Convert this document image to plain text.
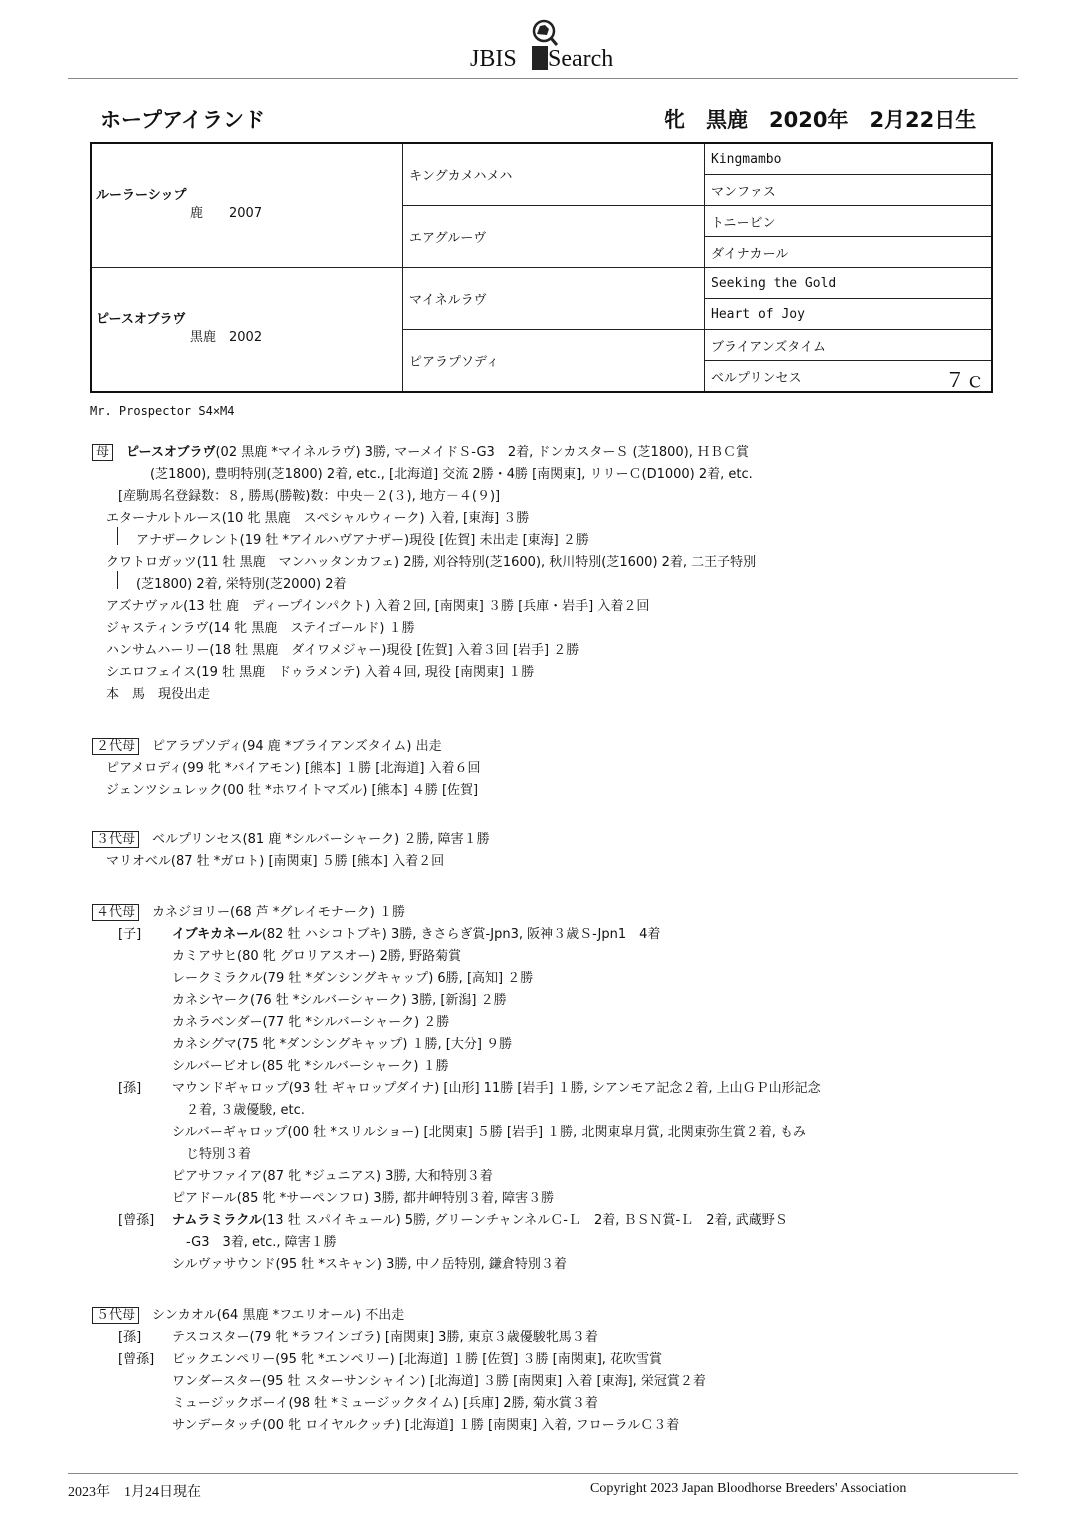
JBIS Search
ホープアイランド	牝　黒鹿　2020年　2月22日生
ルーラーシップ
鹿　　2007	キングカメハメハ	Kingmambo
		マンファス
	エアグルーヴ	トニービン
		ダイナカール

ピースオブラヴ
黒鹿　2002	マイネルラヴ	Seeking the Gold
		Heart of Joy
	ピアラプソディ	ブライアンズタイム
		ベルプリンセス ７ｃ
Mr. Prospector S4×M4
母　 ピースオブラヴ(02 黒鹿 *マイネルラヴ) 3勝, マーメイドＳ-G3　2着, ドンカスターＳ (芝1800), ＨＢＣ賞
(芝1800), 豊明特別(芝1800) 2着, etc., [北海道] 交流 2勝・4勝 [南関東], リリーＣ(D1000) 2着, etc.
[産駒馬名登録数：８, 勝馬(勝鞍)数：中央－２(３), 地方－４(９)]
エターナルトルース(10 牝 黒鹿　スペシャルウィーク) 入着, [東海] ３勝
アナザークレント(19 牡 *アイルハヴアナザー)現役 [佐賀] 未出走 [東海] ２勝
クワトロガッツ(11 牡 黒鹿　マンハッタンカフェ) 2勝, 刈谷特別(芝1600), 秋川特別(芝1600) 2着, 二王子特別
(芝1800) 2着, 栄特別(芝2000) 2着
アズナヴァル(13 牡 鹿　ディープインパクト) 入着２回, [南関東] ３勝 [兵庫・岩手] 入着２回
ジャスティンラヴ(14 牝 黒鹿　ステイゴールド) １勝
ハンサムハーリー(18 牡 黒鹿　ダイワメジャー)現役 [佐賀] 入着３回 [岩手] ２勝
シエロフェイス(19 牡 黒鹿　ドゥラメンテ) 入着４回, 現役 [南関東] １勝
本　馬　現役出走
２代母　 ピアラプソディ(94 鹿 *ブライアンズタイム) 出走
ピアメロディ(99 牝 *バイアモン) [熊本] １勝 [北海道] 入着６回
ジェンツシュレック(00 牡 *ホワイトマズル) [熊本] ４勝 [佐賀]
３代母　 ベルプリンセス(81 鹿 *シルバーシャーク) ２勝, 障害１勝
マリオベル(87 牡 *ガロト) [南関東] ５勝 [熊本] 入着２回
４代母　 カネジヨリー(68 芦 *グレイモナーク) １勝
[子] イブキカネール(82 牡 ハシコトブキ) 3勝, きさらぎ賞-Jpn3, 阪神３歳Ｓ-Jpn1　4着
カミアサヒ(80 牝 グロリアスオー) 2勝, 野路菊賞
レークミラクル(79 牡 *ダンシングキャップ) 6勝, [高知] ２勝
カネシヤーク(76 牡 *シルバーシャーク) 3勝, [新潟] ２勝
カネラベンダー(77 牝 *シルバーシャーク) ２勝
カネシグマ(75 牝 *ダンシングキャップ) １勝, [大分] ９勝
シルバービオレ(85 牝 *シルバーシャーク) １勝
[孫] マウンドギャロップ(93 牡 ギャロップダイナ) [山形] 11勝 [岩手] １勝, シアンモア記念２着, 上山ＧＰ山形記念
２着, ３歳優駿, etc.
シルバーギャロップ(00 牡 *スリルショー) [北関東] ５勝 [岩手] １勝, 北関東皐月賞, 北関東弥生賞２着, もみ
じ特別３着
ピアサファイア(87 牝 *ジュニアス) 3勝, 大和特別３着
ピアドール(85 牝 *サーペンフロ) 3勝, 都井岬特別３着, 障害３勝
[曾孫] ナムラミラクル(13 牡 スパイキュール) 5勝, グリーンチャンネルＣ-Ｌ　2着, ＢＳＮ賞-Ｌ　2着, 武蔵野Ｓ
-G3　3着, etc., 障害１勝
シルヴァサウンド(95 牡 *スキャン) 3勝, 中ノ岳特別, 鎌倉特別３着
５代母　 シンカオル(64 黒鹿 *フエリオール) 不出走
[孫] テスコスター(79 牝 *ラフインゴラ) [南関東] 3勝, 東京３歳優駿牝馬３着
[曾孫] ビックエンペリー(95 牝 *エンペリー) [北海道] １勝 [佐賀] ３勝 [南関東], 花吹雪賞
ワンダースター(95 牡 スターサンシャイン) [北海道] ３勝 [南関東] 入着 [東海], 栄冠賞２着
ミュージックボーイ(98 牡 *ミュージックタイム) [兵庫] 2勝, 菊水賞３着
サンデータッチ(00 牝 ロイヤルクッチ) [北海道] １勝 [南関東] 入着, フローラルＣ３着
2023年　1月24日現在	Copyright 2023 Japan Bloodhorse Breeders' Association
